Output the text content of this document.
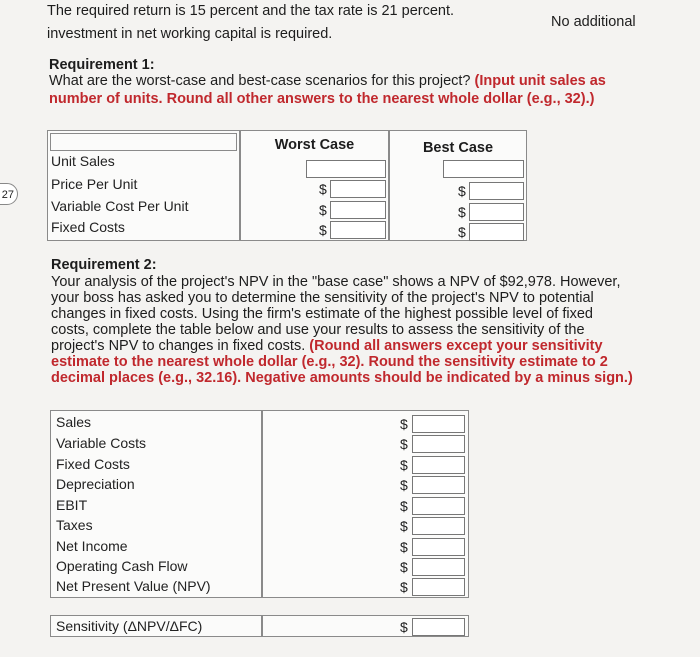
The required return is 15 percent and the tax rate is 21 percent.
No additional
investment in net working capital is required.
27
Requirement 1:
What are the worst-case and best-case scenarios for this project? (Input unit sales as
number of units. Round all other answers to the nearest whole dollar (e.g., 32).)
Worst Case	Best Case
Unit Sales
Price Per Unit	$	$
Variable Cost Per Unit	$	$
Fixed Costs	$	$
Requirement 2:
Your analysis of the project's NPV in the "base case" shows a NPV of $92,978. However,
your boss has asked you to determine the sensitivity of the project's NPV to potential
changes in fixed costs. Using the firm's estimate of the highest possible level of fixed
costs, complete the table below and use your results to assess the sensitivity of the
project's NPV to changes in fixed costs. (Round all answers except your sensitivity
estimate to the nearest whole dollar (e.g., 32). Round the sensitivity estimate to 2
decimal places (e.g., 32.16). Negative amounts should be indicated by a minus sign.)
Sales	$
Variable Costs	$
Fixed Costs	$
Depreciation	$
EBIT	$
Taxes	$
Net Income	$
Operating Cash Flow	$
Net Present Value (NPV)	$
Sensitivity (ΔNPV/ΔFC)	$
